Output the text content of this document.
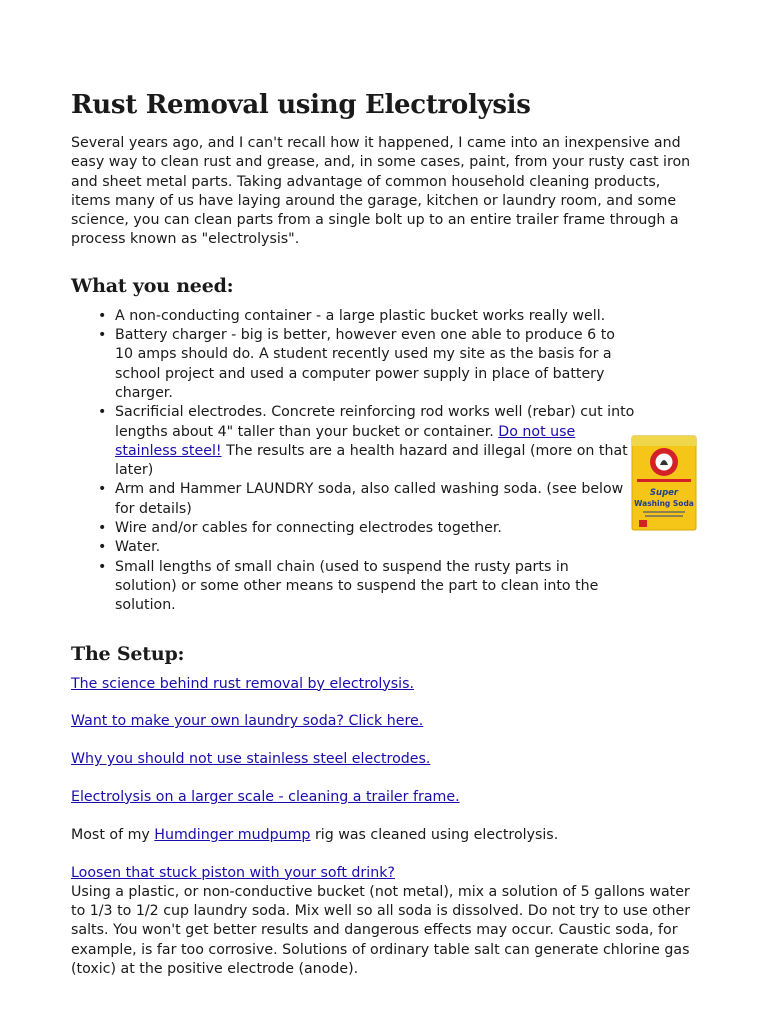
Rust Removal using Electrolysis

Several years ago, and I can't recall how it happened, I came into an inexpensive and easy way to clean rust and grease, and, in some cases, paint, from your rusty cast iron and sheet metal parts. Taking advantage of common household cleaning products, items many of us have laying around the garage, kitchen or laundry room, and some science, you can clean parts from a single bolt up to an entire trailer frame through a process known as "electrolysis".

What you need:
• A non-conducting container - a large plastic bucket works really well.
• Battery charger - big is better, however even one able to produce 6 to 10 amps should do. A student recently used my site as the basis for a school project and used a computer power supply in place of battery charger.
• Sacrificial electrodes. Concrete reinforcing rod works well (rebar) cut into lengths about 4" taller than your bucket or container. Do not use stainless steel! The results are a health hazard and illegal (more on that later)
• Arm and Hammer LAUNDRY soda, also called washing soda. (see below for details)
• Wire and/or cables for connecting electrodes together.
• Water.
• Small lengths of small chain (used to suspend the rusty parts in solution) or some other means to suspend the part to clean into the solution.
Super
Washing Soda
The Setup:

The science behind rust removal by electrolysis.

Want to make your own laundry soda? Click here.

Why you should not use stainless steel electrodes.

Electrolysis on a larger scale - cleaning a trailer frame.

Most of my Humdinger mudpump rig was cleaned using electrolysis.

Loosen that stuck piston with your soft drink?

Using a plastic, or non-conductive bucket (not metal), mix a solution of 5 gallons water to 1/3 to 1/2 cup laundry soda. Mix well so all soda is dissolved. Do not try to use other salts. You won't get better results and dangerous effects may occur. Caustic soda, for example, is far too corrosive. Solutions of ordinary table salt can generate chlorine gas (toxic) at the positive electrode (anode).
